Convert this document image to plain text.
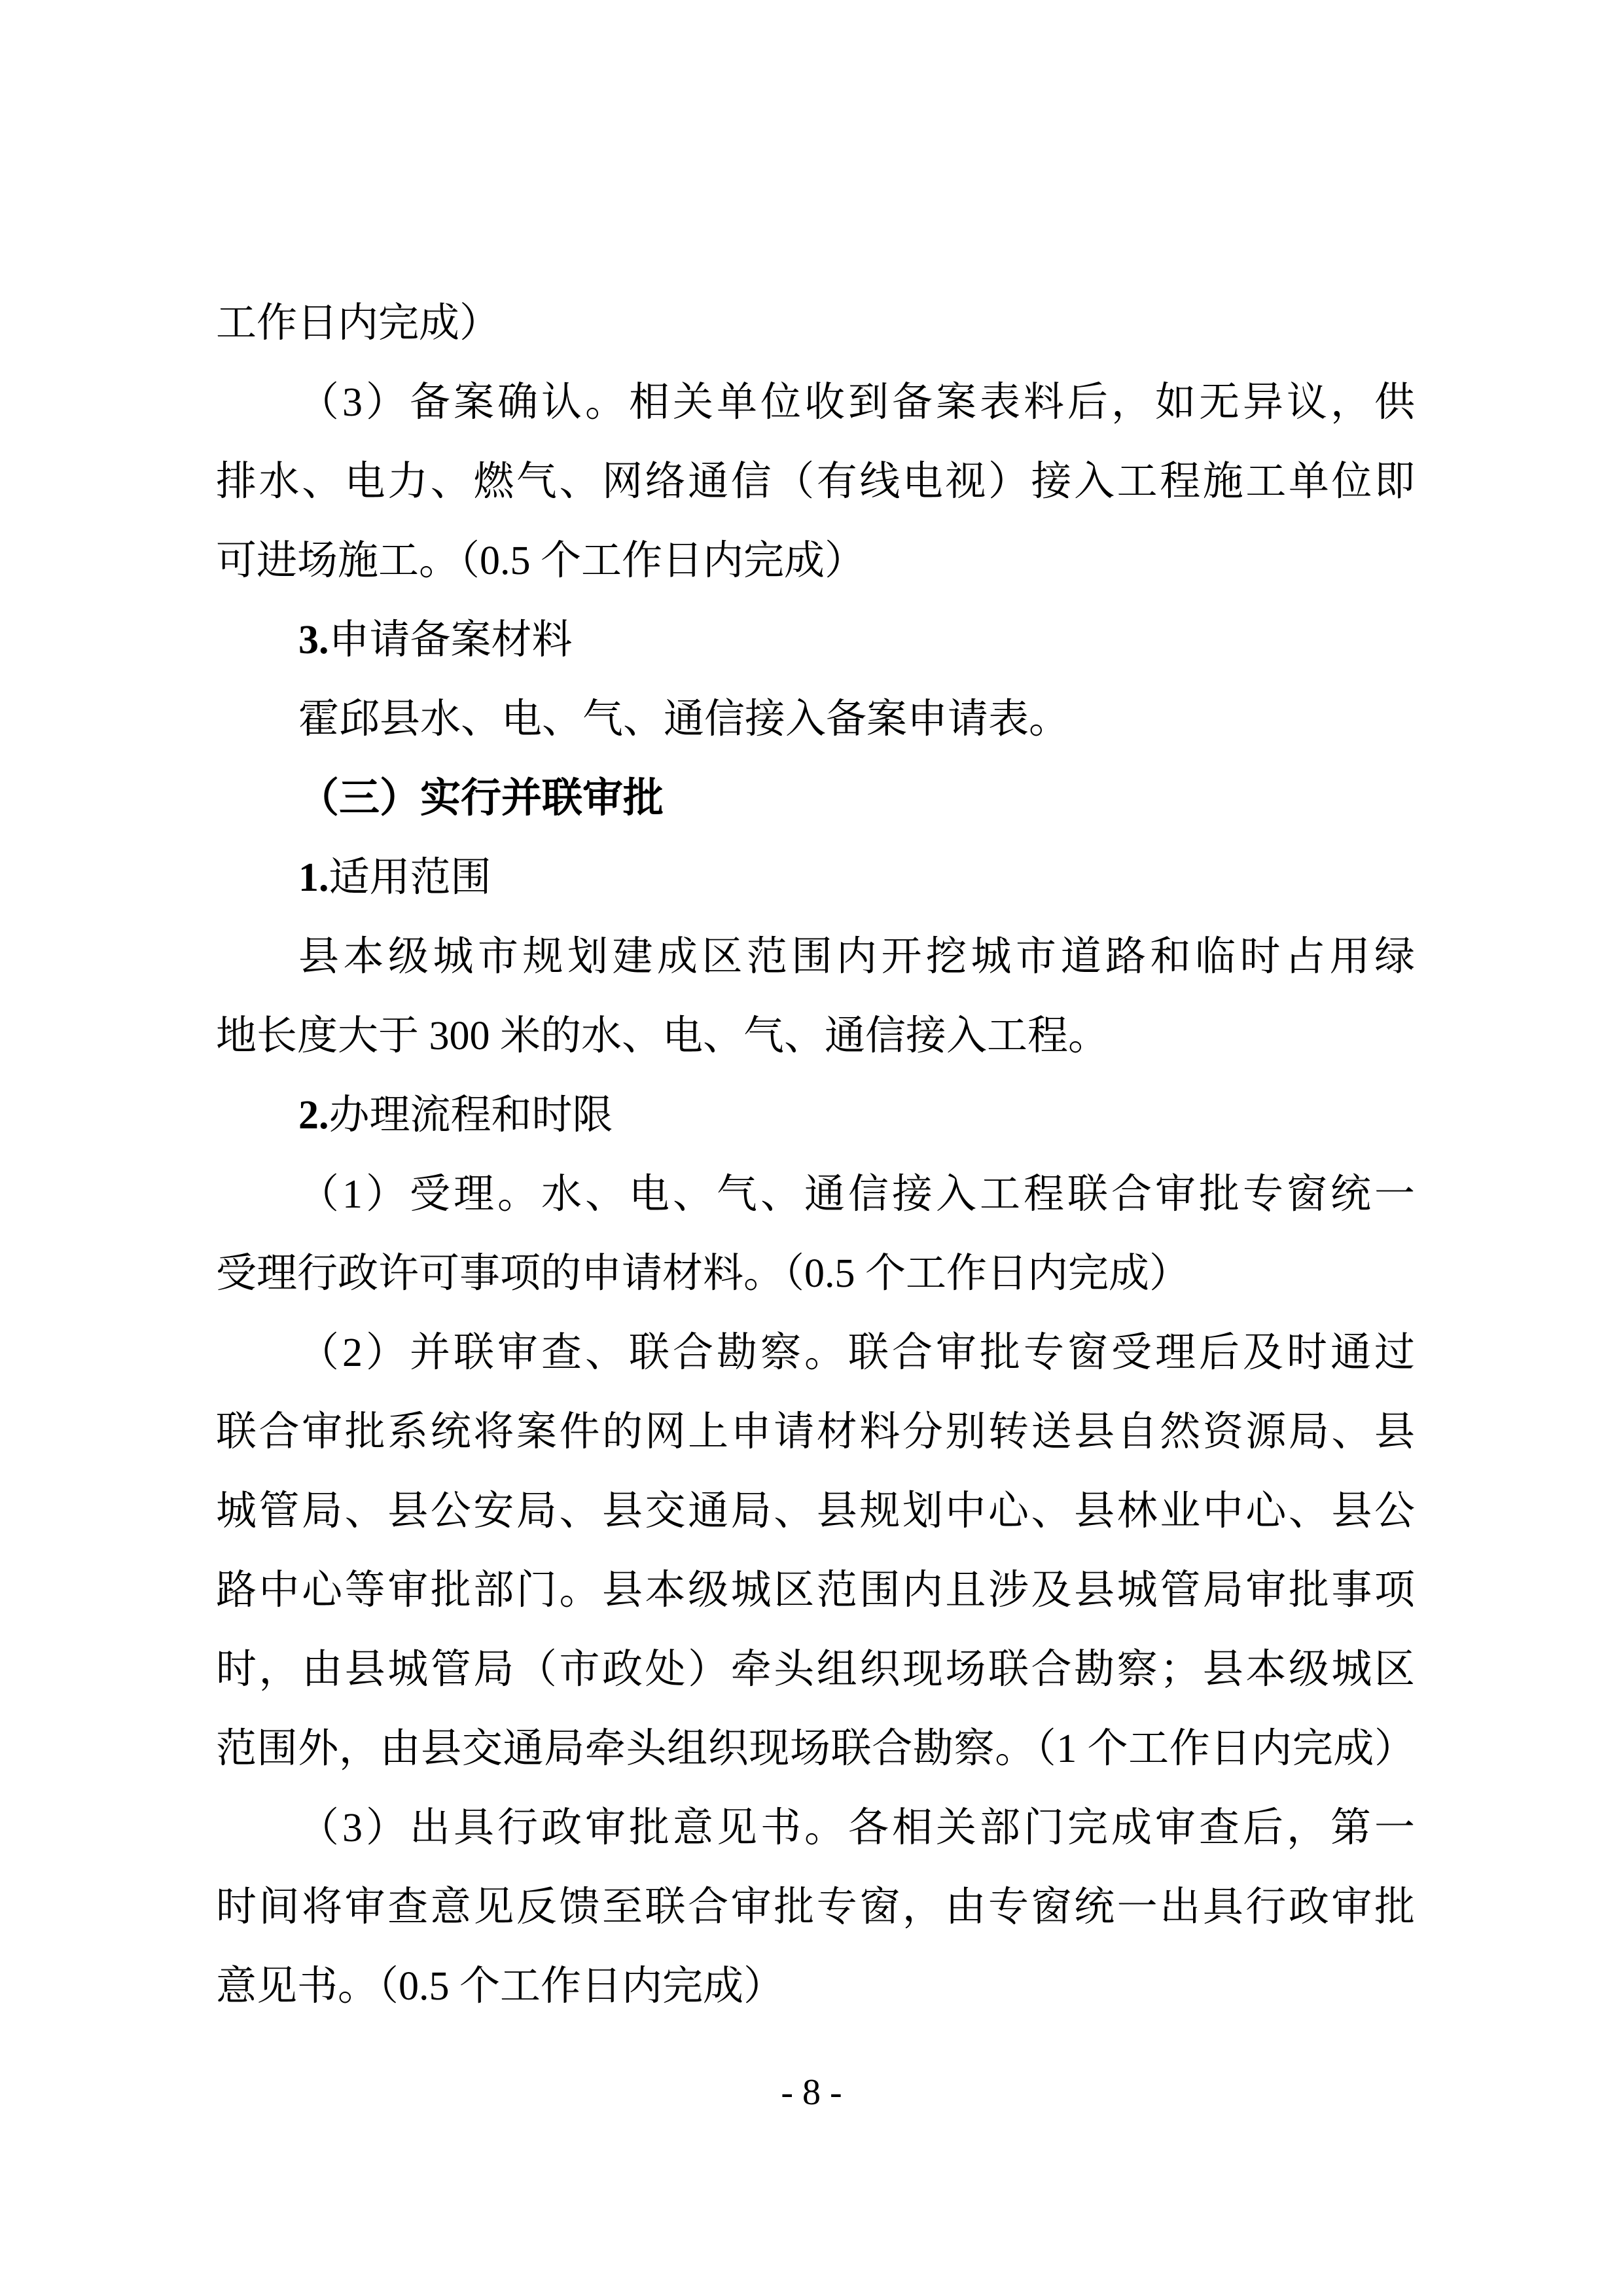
工作日内完成）
（3）备案确认。相关单位收到备案表料后，如无异议，供
排水、电力、燃气、网络通信（有线电视）接入工程施工单位即
可进场施工。（0.5 个工作日内完成）
3.申请备案材料
霍邱县水、电、气、通信接入备案申请表。
（三）实行并联审批
1.适用范围
县本级城市规划建成区范围内开挖城市道路和临时占用绿
地长度大于 300 米的水、电、气、通信接入工程。
2.办理流程和时限
（1）受理。水、电、气、通信接入工程联合审批专窗统一
受理行政许可事项的申请材料。（0.5 个工作日内完成）
（2）并联审查、联合勘察。联合审批专窗受理后及时通过
联合审批系统将案件的网上申请材料分别转送县自然资源局、县
城管局、县公安局、县交通局、县规划中心、县林业中心、县公
路中心等审批部门。县本级城区范围内且涉及县城管局审批事项
时，由县城管局（市政处）牵头组织现场联合勘察；县本级城区
范围外，由县交通局牵头组织现场联合勘察。（1 个工作日内完成）
（3）出具行政审批意见书。各相关部门完成审查后，第一
时间将审查意见反馈至联合审批专窗，由专窗统一出具行政审批
意见书。（0.5 个工作日内完成）
- 8 -
